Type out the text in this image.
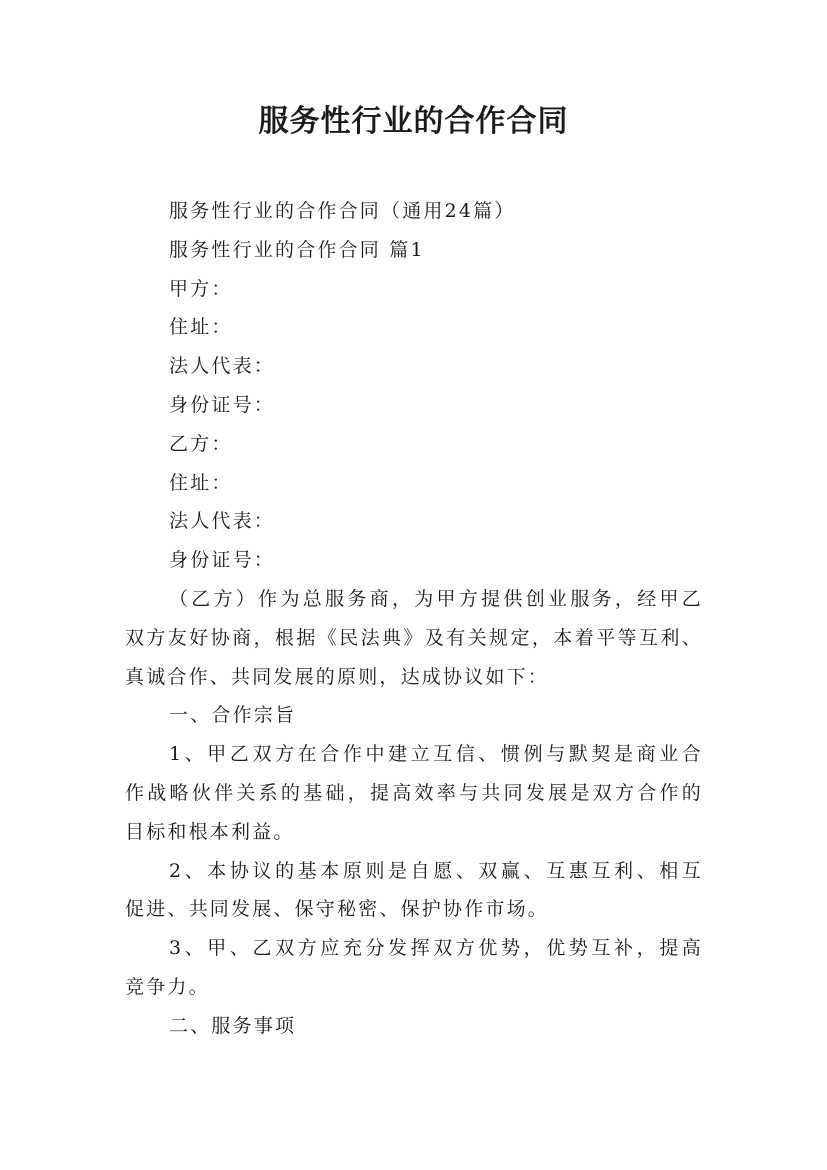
服务性行业的合作合同

服务性行业的合作合同（通用24篇）

服务性行业的合作合同 篇1

甲方：

住址：

法人代表：

身份证号：

乙方：

住址：

法人代表：

身份证号：

（乙方）作为总服务商，为甲方提供创业服务，经甲乙

双方友好协商，根据《民法典》及有关规定，本着平等互利、

真诚合作、共同发展的原则，达成协议如下：

一、合作宗旨

1、甲乙双方在合作中建立互信、惯例与默契是商业合

作战略伙伴关系的基础，提高效率与共同发展是双方合作的

目标和根本利益。

2、本协议的基本原则是自愿、双赢、互惠互利、相互

促进、共同发展、保守秘密、保护协作市场。

3、甲、乙双方应充分发挥双方优势，优势互补，提高

竞争力。

二、服务事项
